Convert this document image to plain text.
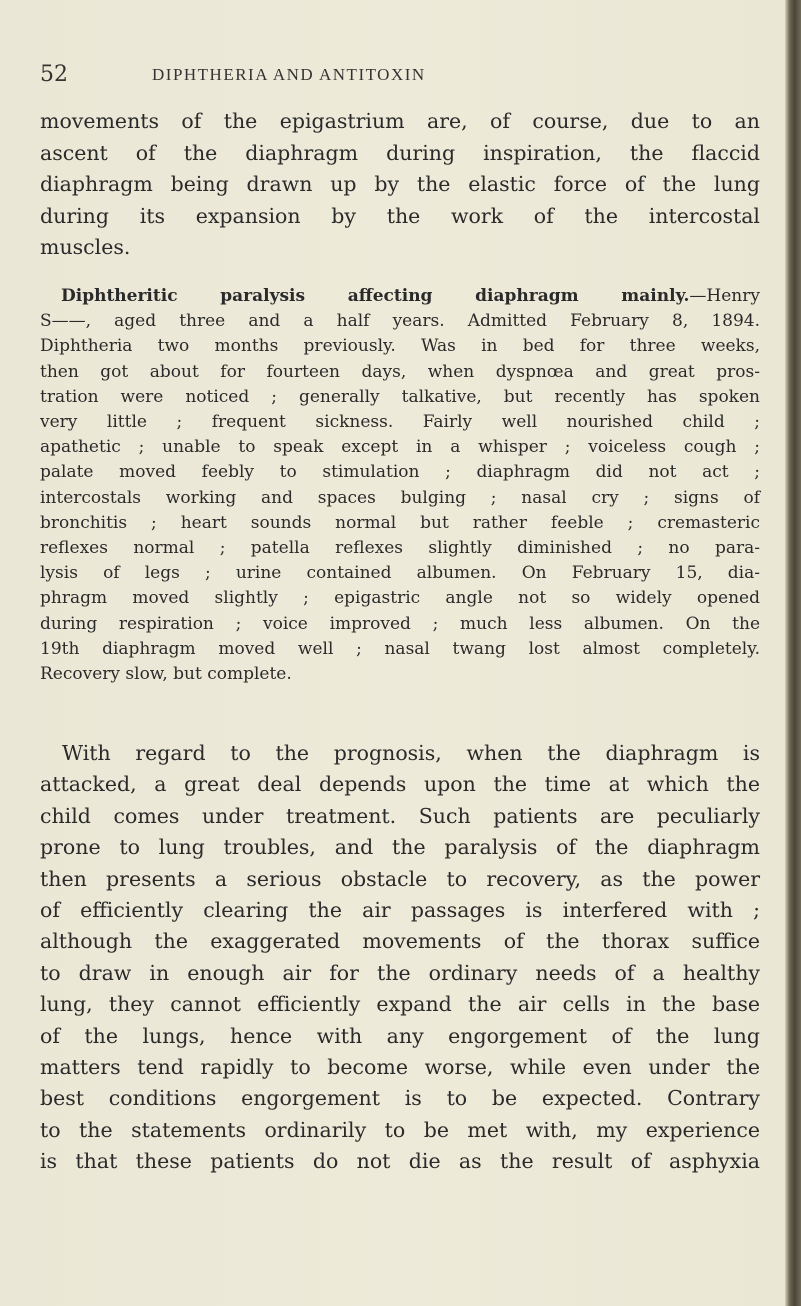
52	DIPHTHERIA AND ANTITOXIN

movements of the epigastrium are, of course, due to an
ascent of the diaphragm during inspiration, the flaccid
diaphragm being drawn up by the elastic force of the lung
during its expansion by the work of the intercostal
muscles.

Diphtheritic paralysis affecting diaphragm mainly.—Henry
S——, aged three and a half years. Admitted February 8, 1894.
Diphtheria two months previously. Was in bed for three weeks,
then got about for fourteen days, when dyspnœa and great pros-
tration were noticed ; generally talkative, but recently has spoken
very little ; frequent sickness. Fairly well nourished child ;
apathetic ; unable to speak except in a whisper ; voiceless cough ;
palate moved feebly to stimulation ; diaphragm did not act ;
intercostals working and spaces bulging ; nasal cry ; signs of
bronchitis ; heart sounds normal but rather feeble ; cremasteric
reflexes normal ; patella reflexes slightly diminished ; no para-
lysis of legs ; urine contained albumen. On February 15, dia-
phragm moved slightly ; epigastric angle not so widely opened
during respiration ; voice improved ; much less albumen. On the
19th diaphragm moved well ; nasal twang lost almost completely.
Recovery slow, but complete.

With regard to the prognosis, when the diaphragm is
attacked, a great deal depends upon the time at which the
child comes under treatment. Such patients are peculiarly
prone to lung troubles, and the paralysis of the diaphragm
then presents a serious obstacle to recovery, as the power
of efficiently clearing the air passages is interfered with ;
although the exaggerated movements of the thorax suffice
to draw in enough air for the ordinary needs of a healthy
lung, they cannot efficiently expand the air cells in the base
of the lungs, hence with any engorgement of the lung
matters tend rapidly to become worse, while even under the
best conditions engorgement is to be expected. Contrary
to the statements ordinarily to be met with, my experience
is that these patients do not die as the result of asphyxia
